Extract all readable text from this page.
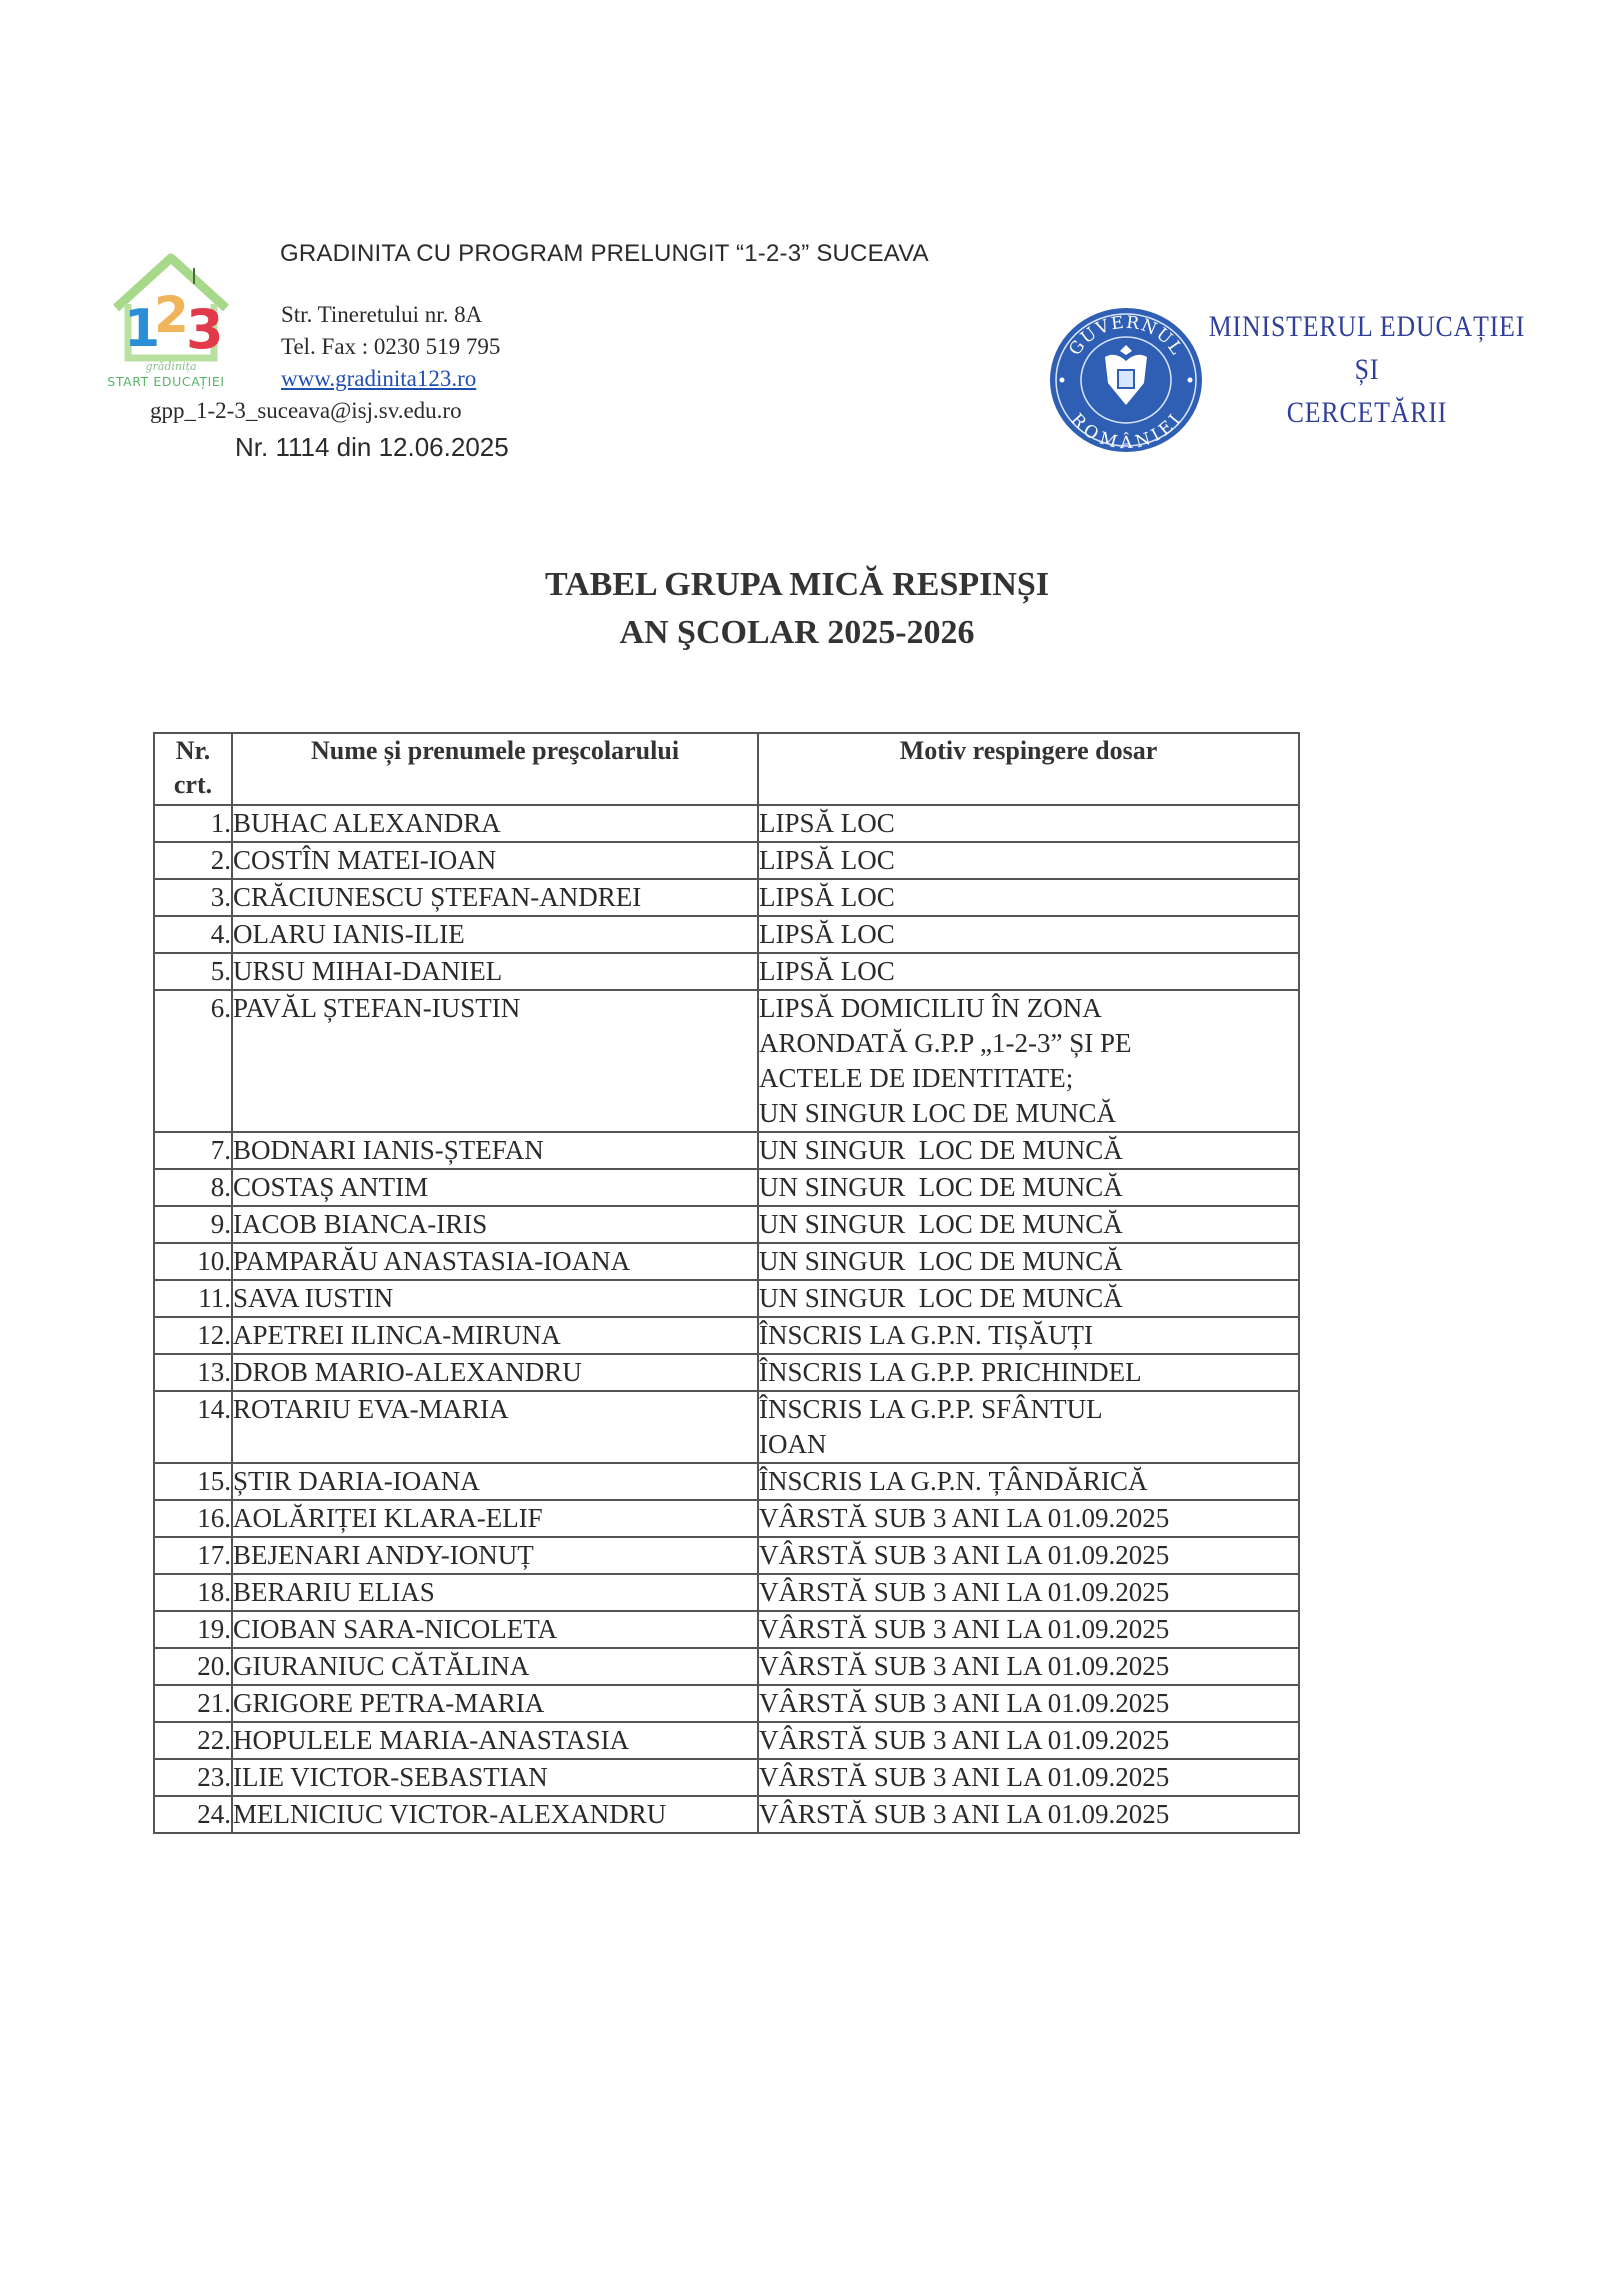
1
2
3
grădinița
START EDUCAȚIEI
GRADINITA CU PROGRAM PRELUNGIT “1-2-3” SUCEAVA
Str. Tineretului nr. 8A
Tel. Fax : 0230 519 795
www.gradinita123.ro
gpp_1-2-3_suceava@isj.sv.edu.ro
Nr. 1114 din 12.06.2025
GUVERNUL
ROMÂNIEI
MINISTERUL EDUCAȚIEI
ȘI
CERCETĂRII
TABEL GRUPA MICĂ RESPINȘI
AN ŞCOLAR 2025-2026
Nr.
crt.	Nume și prenumele preşcolarului	Motiv respingere dosar
1.	BUHAC ALEXANDRA	LIPSĂ LOC

2.	COSTÎN MATEI-IOAN	LIPSĂ LOC

3.	CRĂCIUNESCU ȘTEFAN-ANDREI	LIPSĂ LOC

4.	OLARU IANIS-ILIE	LIPSĂ LOC

5.	URSU MIHAI-DANIEL	LIPSĂ LOC

6.	PAVĂL ȘTEFAN-IUSTIN	LIPSĂ DOMICILIU ÎN ZONA
ARONDATĂ G.P.P „1-2-3” ȘI PE
ACTELE DE IDENTITATE;
UN SINGUR LOC DE MUNCĂ

7.	BODNARI IANIS-ȘTEFAN	UN SINGUR  LOC DE MUNCĂ

8.	COSTAȘ ANTIM	UN SINGUR  LOC DE MUNCĂ

9.	IACOB BIANCA-IRIS	UN SINGUR  LOC DE MUNCĂ

10.	PAMPARĂU ANASTASIA-IOANA	UN SINGUR  LOC DE MUNCĂ

11.	SAVA IUSTIN	UN SINGUR  LOC DE MUNCĂ

12.	APETREI ILINCA-MIRUNA	ÎNSCRIS LA G.P.N. TIȘĂUȚI

13.	DROB MARIO-ALEXANDRU	ÎNSCRIS LA G.P.P. PRICHINDEL

14.	ROTARIU EVA-MARIA	ÎNSCRIS LA G.P.P. SFÂNTUL
IOAN

15.	ȘTIR DARIA-IOANA	ÎNSCRIS LA G.P.N. ȚÂNDĂRICĂ

16.	AOLĂRIȚEI KLARA-ELIF	VÂRSTĂ SUB 3 ANI LA 01.09.2025

17.	BEJENARI ANDY-IONUȚ	VÂRSTĂ SUB 3 ANI LA 01.09.2025

18.	BERARIU ELIAS	VÂRSTĂ SUB 3 ANI LA 01.09.2025

19.	CIOBAN SARA-NICOLETA	VÂRSTĂ SUB 3 ANI LA 01.09.2025

20.	GIURANIUC CĂTĂLINA	VÂRSTĂ SUB 3 ANI LA 01.09.2025

21.	GRIGORE PETRA-MARIA	VÂRSTĂ SUB 3 ANI LA 01.09.2025

22.	HOPULELE MARIA-ANASTASIA	VÂRSTĂ SUB 3 ANI LA 01.09.2025

23.	ILIE VICTOR-SEBASTIAN	VÂRSTĂ SUB 3 ANI LA 01.09.2025

24.	MELNICIUC VICTOR-ALEXANDRU	VÂRSTĂ SUB 3 ANI LA 01.09.2025
